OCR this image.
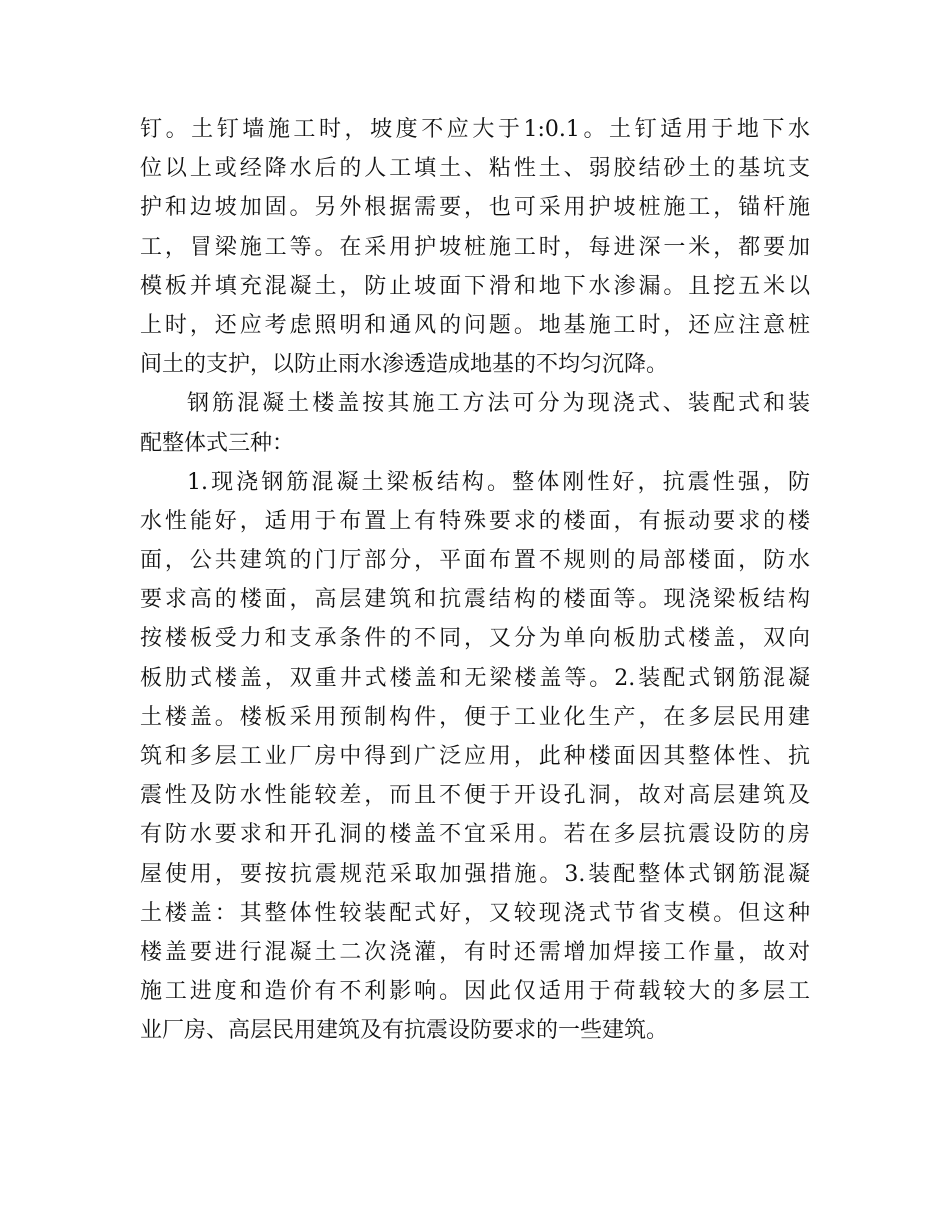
钉。土钉墙施工时，坡度不应大于1:0.1。土钉适用于地下水
位以上或经降水后的人工填土、粘性土、弱胶结砂土的基坑支
护和边坡加固。另外根据需要，也可采用护坡桩施工，锚杆施
工，冒梁施工等。在采用护坡桩施工时，每进深一米，都要加
模板并填充混凝土，防止坡面下滑和地下水渗漏。且挖五米以
上时，还应考虑照明和通风的问题。地基施工时，还应注意桩
间土的支护，以防止雨水渗透造成地基的不均匀沉降。
钢筋混凝土楼盖按其施工方法可分为现浇式、装配式和装
配整体式三种：
1.现浇钢筋混凝土梁板结构。整体刚性好，抗震性强，防
水性能好，适用于布置上有特殊要求的楼面，有振动要求的楼
面，公共建筑的门厅部分，平面布置不规则的局部楼面，防水
要求高的楼面，高层建筑和抗震结构的楼面等。现浇梁板结构
按楼板受力和支承条件的不同，又分为单向板肋式楼盖，双向
板肋式楼盖，双重井式楼盖和无梁楼盖等。2.装配式钢筋混凝
土楼盖。楼板采用预制构件，便于工业化生产，在多层民用建
筑和多层工业厂房中得到广泛应用，此种楼面因其整体性、抗
震性及防水性能较差，而且不便于开设孔洞，故对高层建筑及
有防水要求和开孔洞的楼盖不宜采用。若在多层抗震设防的房
屋使用，要按抗震规范采取加强措施。3.装配整体式钢筋混凝
土楼盖：其整体性较装配式好，又较现浇式节省支模。但这种
楼盖要进行混凝土二次浇灌，有时还需增加焊接工作量，故对
施工进度和造价有不利影响。因此仅适用于荷载较大的多层工
业厂房、高层民用建筑及有抗震设防要求的一些建筑。
